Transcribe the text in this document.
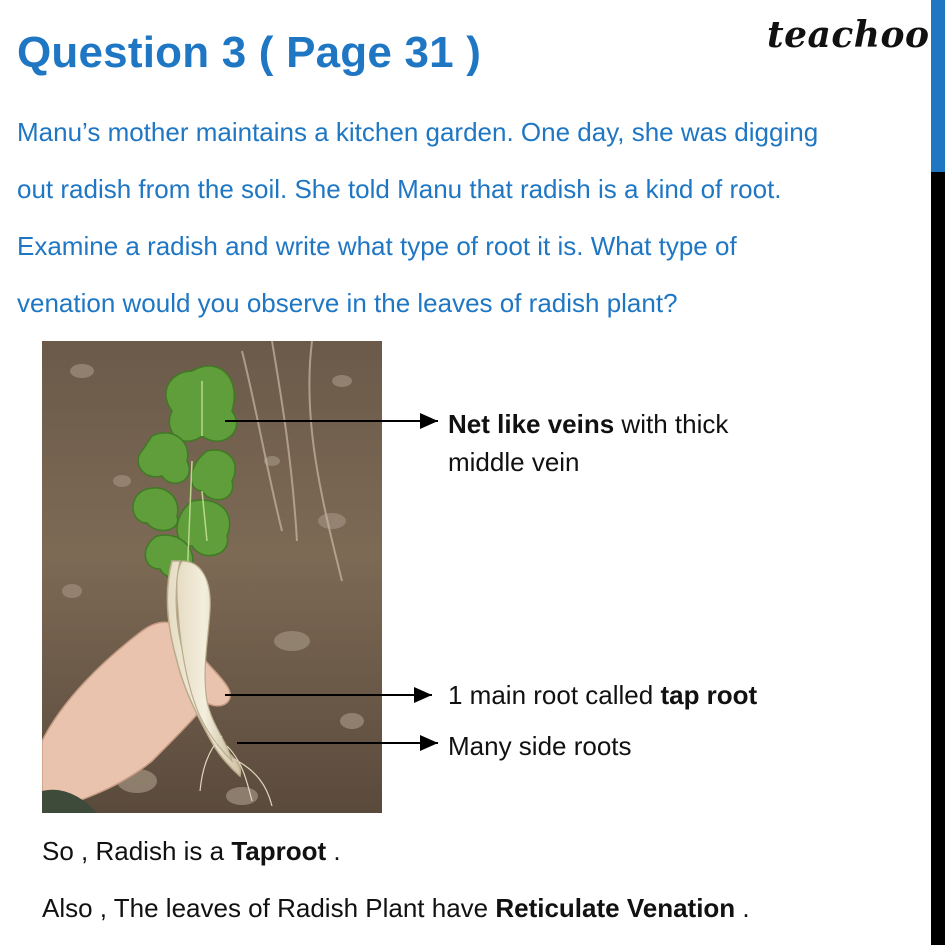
Question 3 ( Page 31 )	teachoo
Manu’s mother maintains a kitchen garden. One day, she was digging
out radish from the soil. She told Manu that radish is a kind of root.
Examine a radish and write what type of root it is. What type of
venation would you observe in the leaves of radish plant?
Net like veins with thick
middle vein
1 main root called tap root
Many side roots
So , Radish is a Taproot .
Also , The leaves of Radish Plant have Reticulate Venation .
